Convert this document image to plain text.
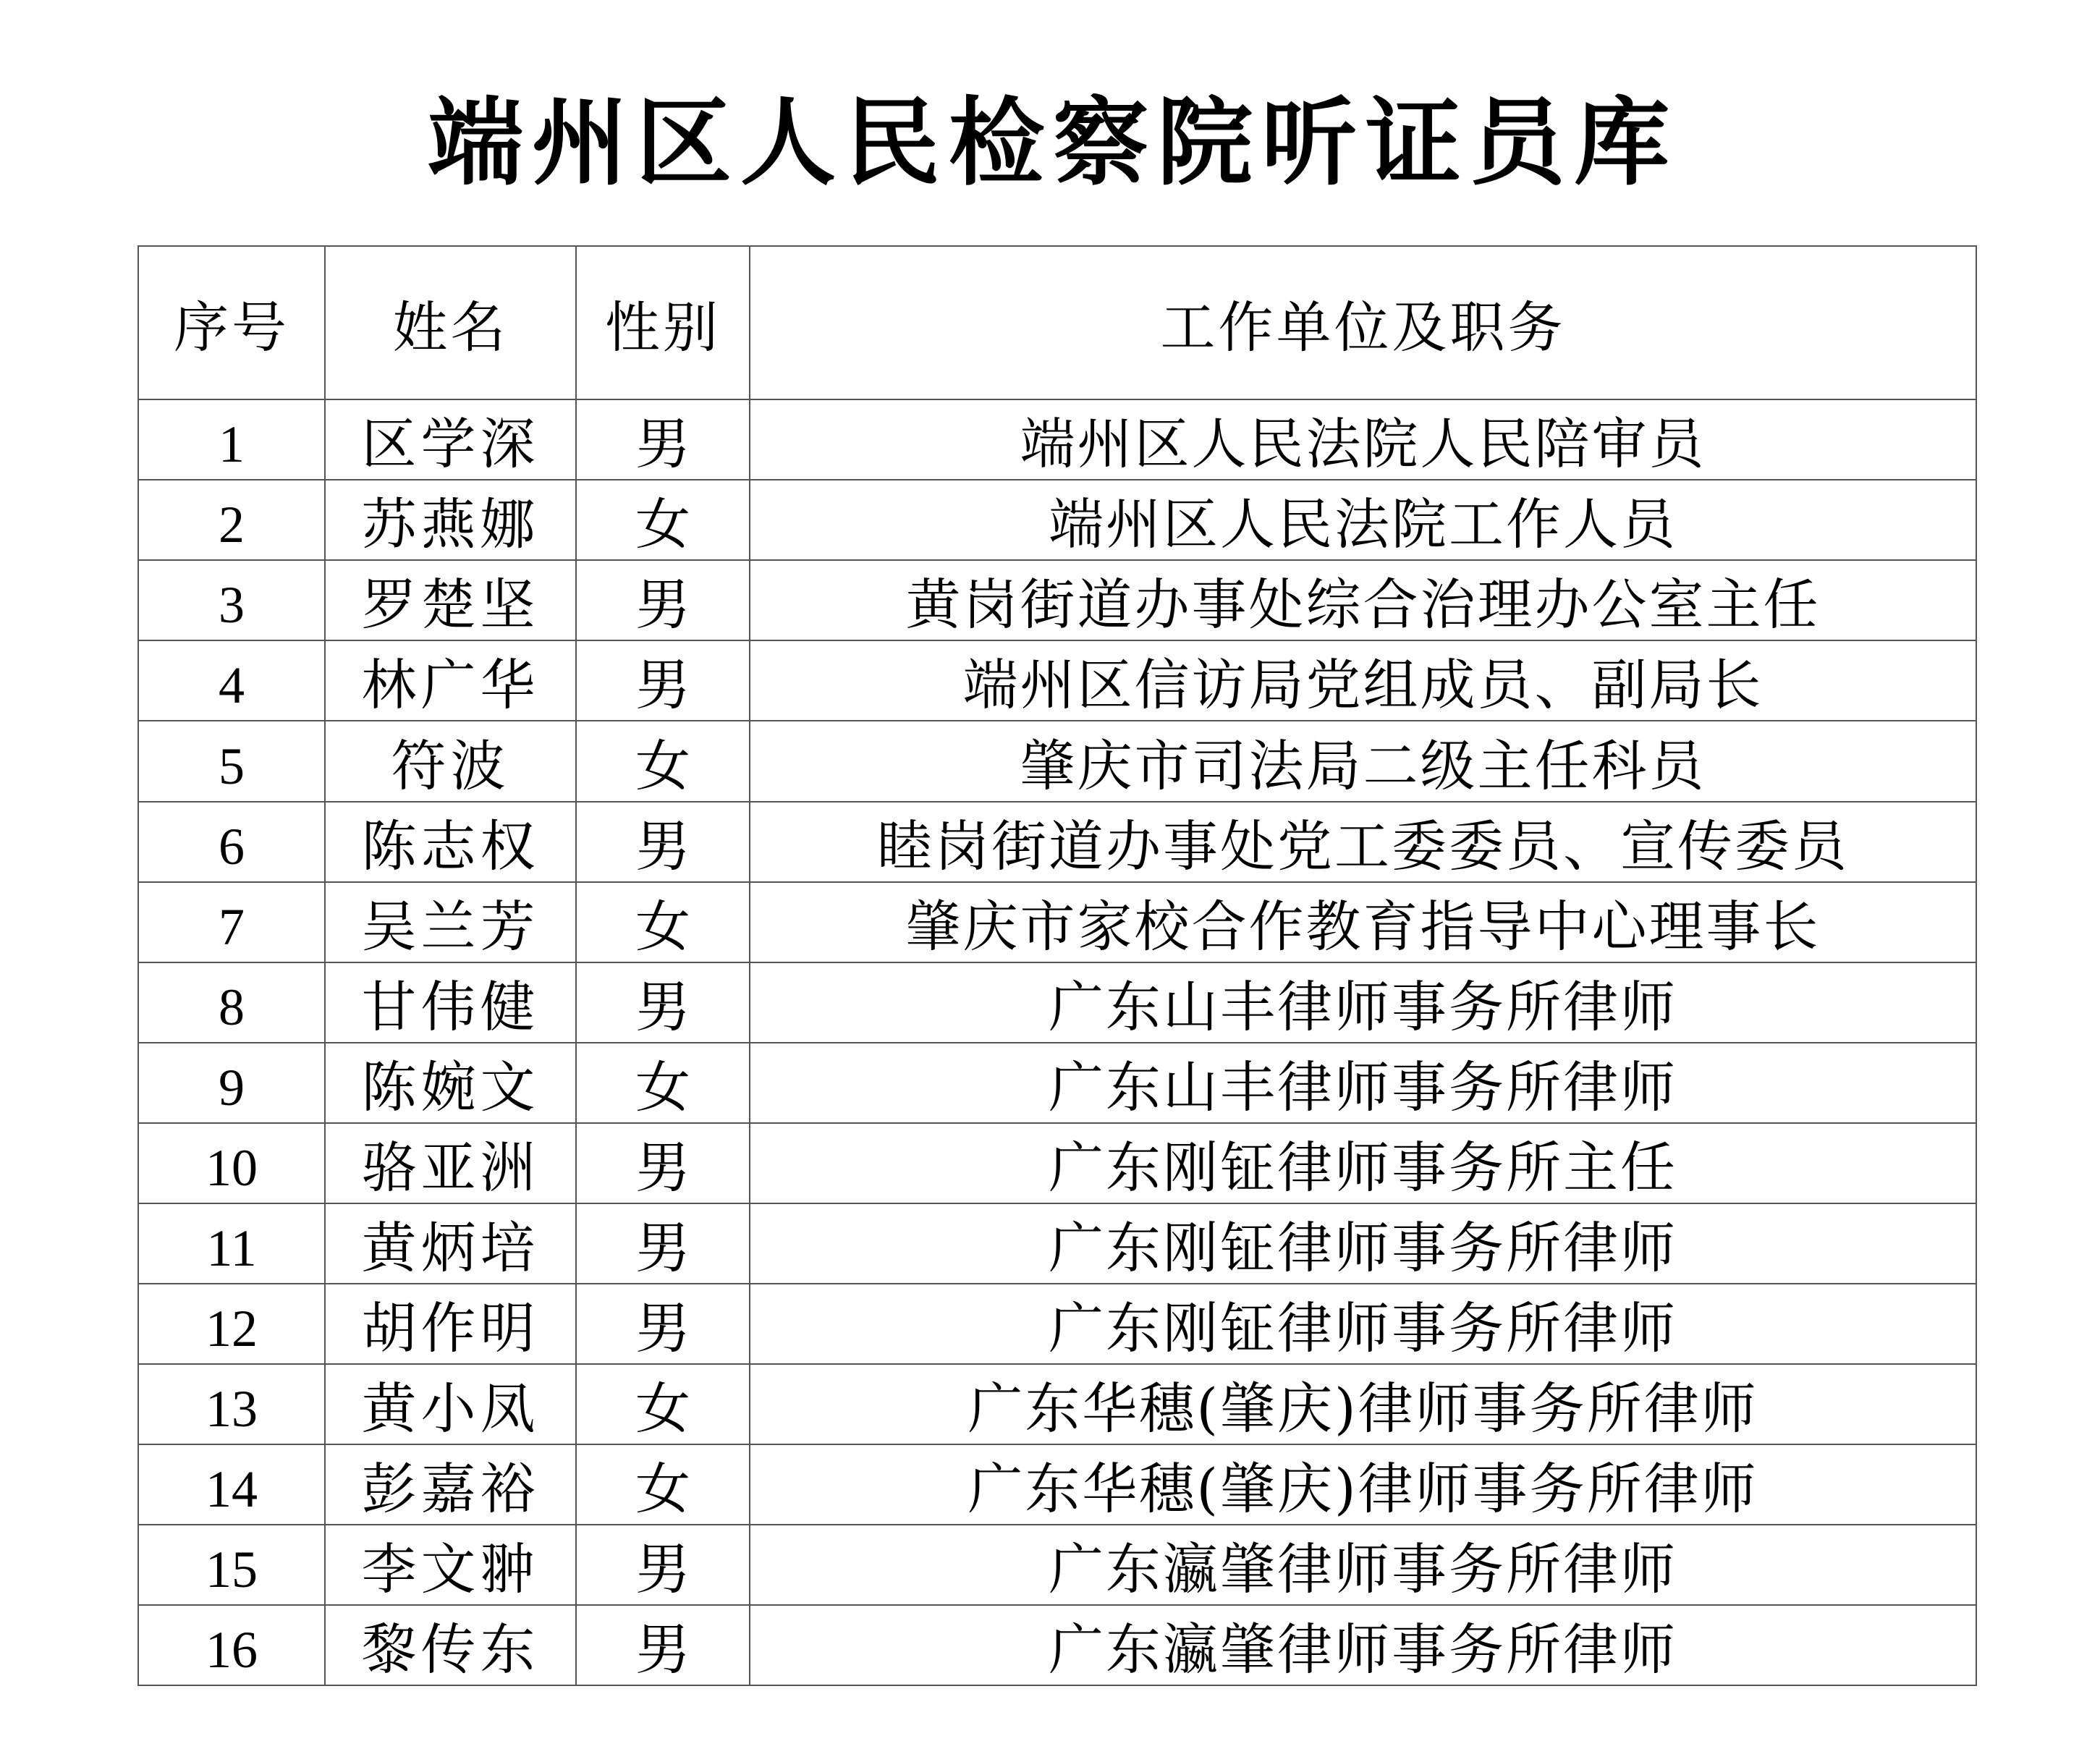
端州区人民检察院听证员库
序号	姓名	性别	工作单位及职务
1	区学深	男	端州区人民法院人民陪审员
2	苏燕娜	女	端州区人民法院工作人员
3	罗楚坚	男	黄岗街道办事处综合治理办公室主任
4	林广华	男	端州区信访局党组成员、副局长
5	符波	女	肇庆市司法局二级主任科员
6	陈志权	男	睦岗街道办事处党工委委员、宣传委员
7	吴兰芳	女	肇庆市家校合作教育指导中心理事长
8	甘伟健	男	广东山丰律师事务所律师
9	陈婉文	女	广东山丰律师事务所律师
10	骆亚洲	男	广东刚钲律师事务所主任
11	黄炳培	男	广东刚钲律师事务所律师
12	胡作明	男	广东刚钲律师事务所律师
13	黄小凤	女	广东华穗(肇庆)律师事务所律师
14	彭嘉裕	女	广东华穗(肇庆)律师事务所律师
15	李文翀	男	广东瀛肇律师事务所律师
16	黎传东	男	广东瀛肇律师事务所律师
